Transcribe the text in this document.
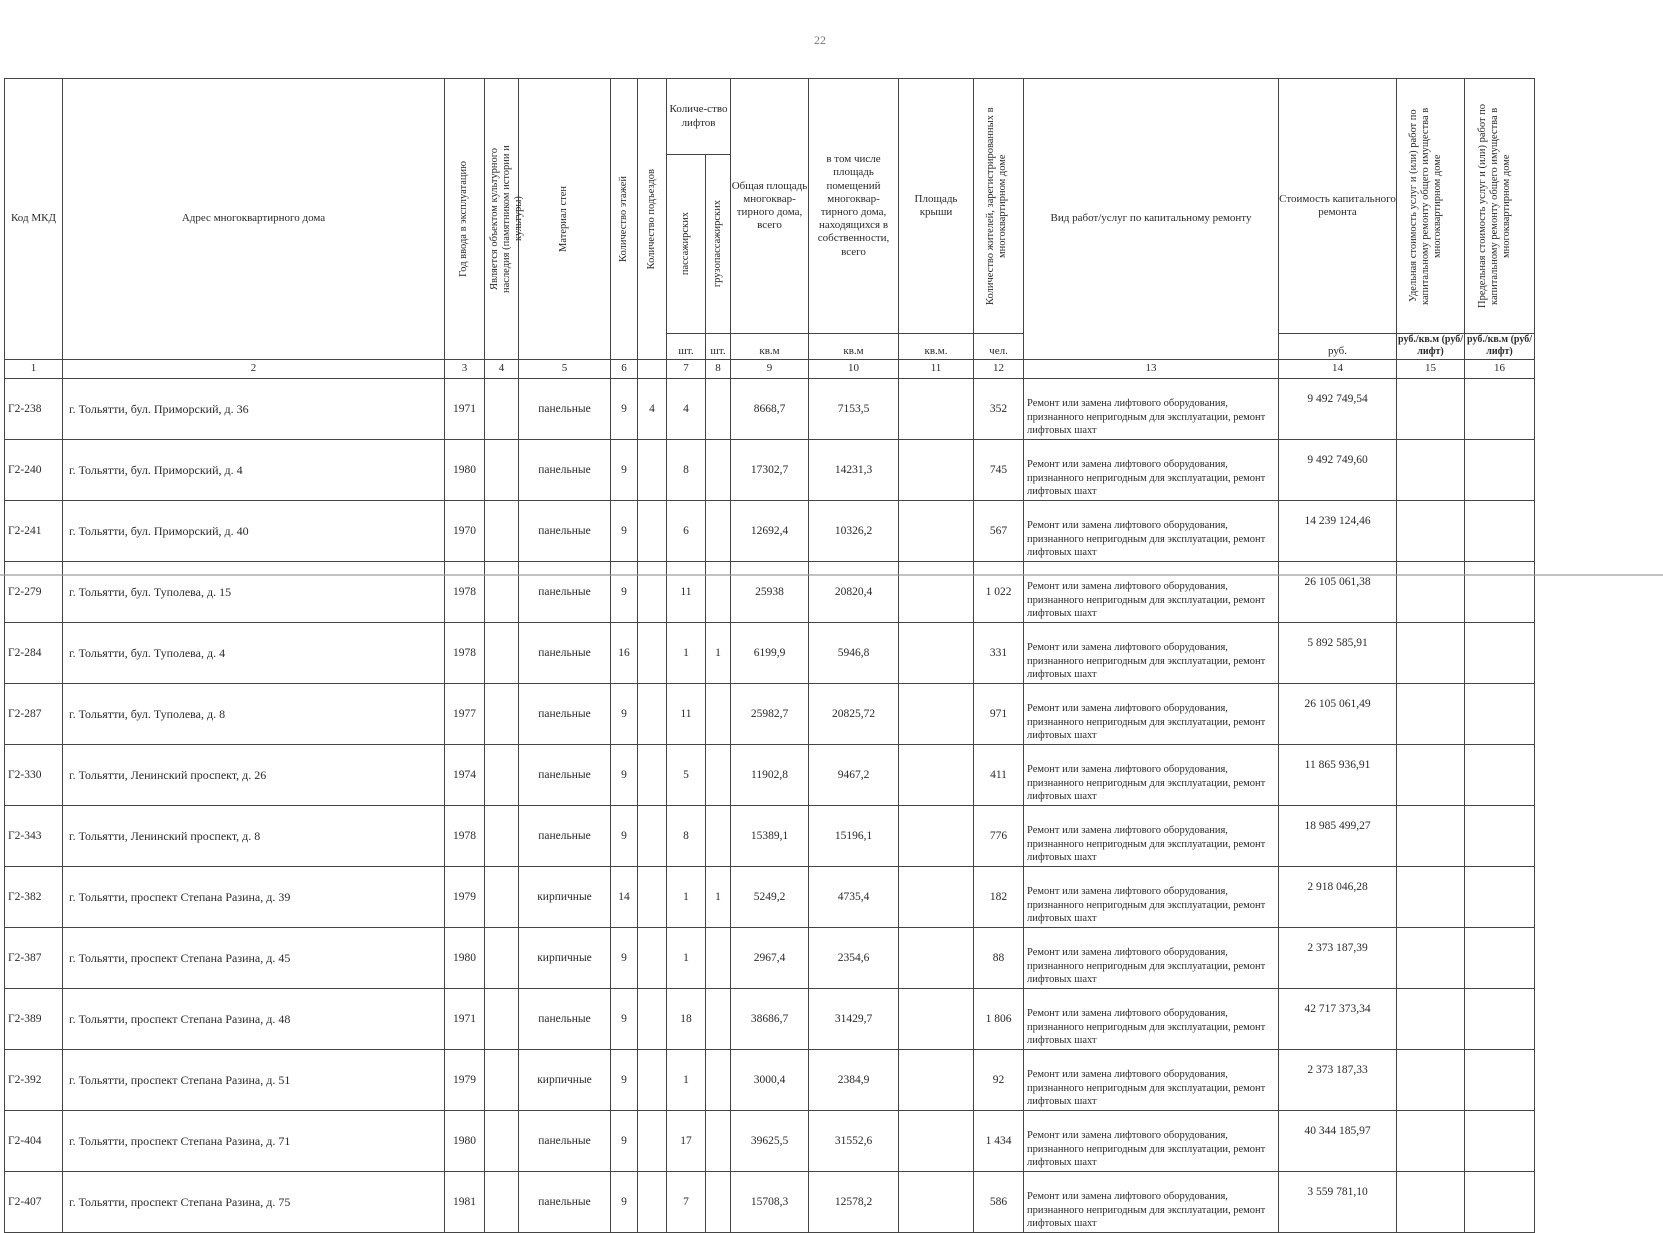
22
Код МКД	Адрес многоквартирного дома	Год ввода в эксплуатацию	Является объектом культурного наследия (памятником истории и культуры)	Материал стен	Количество этажей	Количество подъездов	Количе-ство лифтов		Общая площадь многоквар-тирного дома, всего	в том числе площадь помещений многоквар-тирного дома, находящихся в собственности, всего	Площадь крыши	Количество жителей, зарегистрированных в многоквартирном доме	Вид работ/услуг по капитальному ремонту	Стоимость капитального ремонта	Удельная стоимость услуг и (или) работ по капитальному ремонту общего имущества в многоквартирном доме	Предельная стоимость услуг и (или) работ по капитальному ремонту общего имущества в многоквартирном доме

							пассажирских	грузопассажирских								

							шт.	шт.	кв.м	кв.м	кв.м.	чел.		руб.	руб./кв.м (руб/лифт)	руб./кв.м (руб/лифт)
1	2	3	4	5	6		7	8	9	10	11	12	13	14	15	16
Г2-238	г. Тольятти, бул. Приморский, д. 36	1971		панельные	9	4	4		8668,7	7153,5		352	Ремонт или замена лифтового оборудования, признанного непригодным для эксплуатации, ремонт лифтовых шахт	9 492 749,54		
Г2-240	г. Тольятти, бул. Приморский, д. 4	1980		панельные	9		8		17302,7	14231,3		745	Ремонт или замена лифтового оборудования, признанного непригодным для эксплуатации, ремонт лифтовых шахт	9 492 749,60		
Г2-241	г. Тольятти, бул. Приморский, д. 40	1970		панельные	9		6		12692,4	10326,2		567	Ремонт или замена лифтового оборудования, признанного непригодным для эксплуатации, ремонт лифтовых шахт	14 239 124,46		
Г2-279	г. Тольятти, бул. Туполева, д. 15	1978		панельные	9		11		25938	20820,4		1 022	Ремонт или замена лифтового оборудования, признанного непригодным для эксплуатации, ремонт лифтовых шахт	26 105 061,38		
Г2-284	г. Тольятти, бул. Туполева, д. 4	1978		панельные	16		1	1	6199,9	5946,8		331	Ремонт или замена лифтового оборудования, признанного непригодным для эксплуатации, ремонт лифтовых шахт	5 892 585,91		
Г2-287	г. Тольятти, бул. Туполева, д. 8	1977		панельные	9		11		25982,7	20825,72		971	Ремонт или замена лифтового оборудования, признанного непригодным для эксплуатации, ремонт лифтовых шахт	26 105 061,49		
Г2-330	г. Тольятти, Ленинский проспект, д. 26	1974		панельные	9		5		11902,8	9467,2		411	Ремонт или замена лифтового оборудования, признанного непригодным для эксплуатации, ремонт лифтовых шахт	11 865 936,91		
Г2-343	г. Тольятти, Ленинский проспект, д. 8	1978		панельные	9		8		15389,1	15196,1		776	Ремонт или замена лифтового оборудования, признанного непригодным для эксплуатации, ремонт лифтовых шахт	18 985 499,27		
Г2-382	г. Тольятти, проспект Степана Разина, д. 39	1979		кирпичные	14		1	1	5249,2	4735,4		182	Ремонт или замена лифтового оборудования, признанного непригодным для эксплуатации, ремонт лифтовых шахт	2 918 046,28		
Г2-387	г. Тольятти, проспект Степана Разина, д. 45	1980		кирпичные	9		1		2967,4	2354,6		88	Ремонт или замена лифтового оборудования, признанного непригодным для эксплуатации, ремонт лифтовых шахт	2 373 187,39		
Г2-389	г. Тольятти, проспект Степана Разина, д. 48	1971		панельные	9		18		38686,7	31429,7		1 806	Ремонт или замена лифтового оборудования, признанного непригодным для эксплуатации, ремонт лифтовых шахт	42 717 373,34		
Г2-392	г. Тольятти, проспект Степана Разина, д. 51	1979		кирпичные	9		1		3000,4	2384,9		92	Ремонт или замена лифтового оборудования, признанного непригодным для эксплуатации, ремонт лифтовых шахт	2 373 187,33		
Г2-404	г. Тольятти, проспект Степана Разина, д. 71	1980		панельные	9		17		39625,5	31552,6		1 434	Ремонт или замена лифтового оборудования, признанного непригодным для эксплуатации, ремонт лифтовых шахт	40 344 185,97		
Г2-407	г. Тольятти, проспект Степана Разина, д. 75	1981		панельные	9		7		15708,3	12578,2		586	Ремонт или замена лифтового оборудования, признанного непригодным для эксплуатации, ремонт лифтовых шахт	3 559 781,10		
